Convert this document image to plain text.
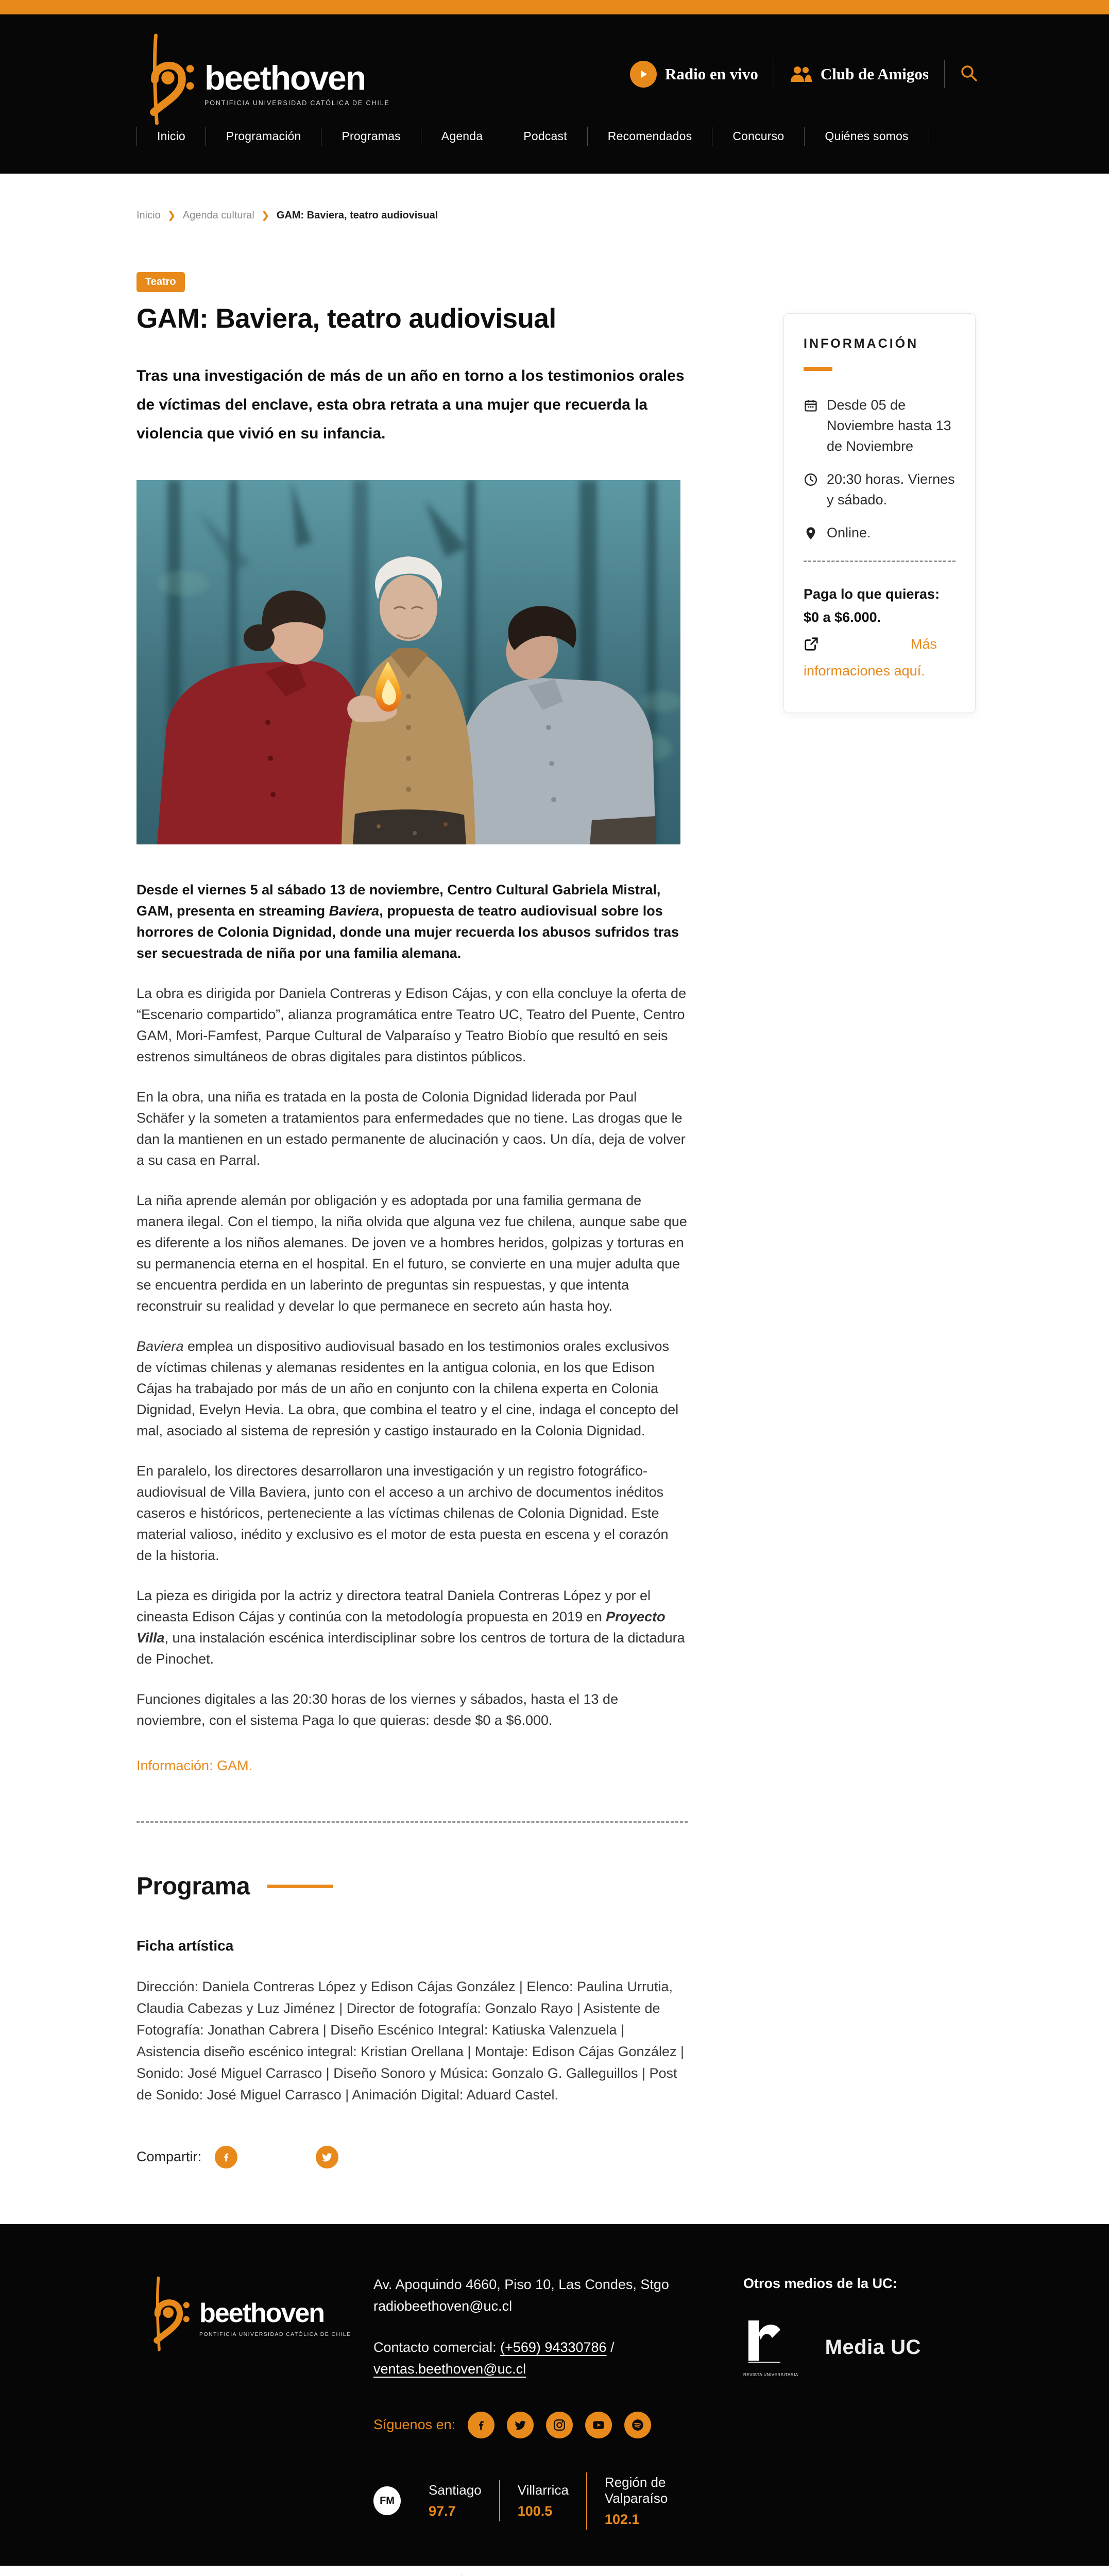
beethoven
PONTIFICIA UNIVERSIDAD CATÓLICA DE CHILE
Radio en vivo	Club de Amigos
Inicio	Programación	Programas	Agenda	Podcast	Recomendados	Concurso	Quiénes somos
Inicio ❯ Agenda cultural ❯ GAM: Baviera, teatro audiovisual
Teatro
GAM: Baviera, teatro audiovisual

Tras una investigación de más de un año en torno a los testimonios orales de víctimas del enclave, esta obra retrata a una mujer que recuerda la violencia que vivió en su infancia.

Desde el viernes 5 al sábado 13 de noviembre, Centro Cultural Gabriela Mistral, GAM, presenta en streaming Baviera, propuesta de teatro audiovisual sobre los horrores de Colonia Dignidad, donde una mujer recuerda los abusos sufridos tras ser secuestrada de niña por una familia alemana.

La obra es dirigida por Daniela Contreras y Edison Cájas, y con ella concluye la oferta de “Escenario compartido”, alianza programática entre Teatro UC, Teatro del Puente, Centro GAM, Mori-Famfest, Parque Cultural de Valparaíso y Teatro Biobío que resultó en seis estrenos simultáneos de obras digitales para distintos públicos.

En la obra, una niña es tratada en la posta de Colonia Dignidad liderada por Paul Schäfer y la someten a tratamientos para enfermedades que no tiene. Las drogas que le dan la mantienen en un estado permanente de alucinación y caos. Un día, deja de volver a su casa en Parral.

La niña aprende alemán por obligación y es adoptada por una familia germana de manera ilegal. Con el tiempo, la niña olvida que alguna vez fue chilena, aunque sabe que es diferente a los niños alemanes. De joven ve a hombres heridos, golpizas y torturas en su permanencia eterna en el hospital. En el futuro, se convierte en una mujer adulta que se encuentra perdida en un laberinto de preguntas sin respuestas, y que intenta reconstruir su realidad y develar lo que permanece en secreto aún hasta hoy.

Baviera emplea un dispositivo audiovisual basado en los testimonios orales exclusivos de víctimas chilenas y alemanas residentes en la antigua colonia, en los que Edison Cájas ha trabajado por más de un año en conjunto con la chilena experta en Colonia Dignidad, Evelyn Hevia. La obra, que combina el teatro y el cine, indaga el concepto del mal, asociado al sistema de represión y castigo instaurado en la Colonia Dignidad.

En paralelo, los directores desarrollaron una investigación y un registro fotográfico-audiovisual de Villa Baviera, junto con el acceso a un archivo de documentos inéditos caseros e históricos, perteneciente a las víctimas chilenas de Colonia Dignidad. Este material valioso, inédito y exclusivo es el motor de esta puesta en escena y el corazón de la historia.

La pieza es dirigida por la actriz y directora teatral Daniela Contreras López y por el cineasta Edison Cájas y continúa con la metodología propuesta en 2019 en Proyecto Villa, una instalación escénica interdisciplinar sobre los centros de tortura de la dictadura de Pinochet.

Funciones digitales a las 20:30 horas de los viernes y sábados, hasta el 13 de noviembre, con el sistema Paga lo que quieras: desde $0 a $6.000.

Información: GAM.
Programa
Ficha artística

Dirección: Daniela Contreras López y Edison Cájas González | Elenco: Paulina Urrutia, Claudia Cabezas y Luz Jiménez | Director de fotografía: Gonzalo Rayo | Asistente de Fotografía: Jonathan Cabrera | Diseño Escénico Integral: Katiuska Valenzuela | Asistencia diseño escénico integral: Kristian Orellana | Montaje: Edison Cájas González | Sonido: José Miguel Carrasco | Diseño Sonoro y Música: Gonzalo G. Galleguillos | Post de Sonido: José Miguel Carrasco | Animación Digital: Aduard Castel.

Compartir:
INFORMACIÓN
Desde 05 de Noviembre hasta 13 de Noviembre
20:30 horas. Viernes y sábado.
Online.

Paga lo que quieras: $0 a $6.000.

Más informaciones aquí.

beethoven
PONTIFICIA UNIVERSIDAD CATÓLICA DE CHILE
Av. Apoquindo 4660, Piso 10, Las Condes, Stgo
radiobeethoven@uc.cl
Contacto comercial: (+569) 94330786 / ventas.beethoven@uc.cl
Síguenos en:
FM
Santiago
97.7
Villarrica
100.5
Región de Valparaíso
102.1
Otros medios de la UC:
REVISTA UNIVERSITARIA
Media UC
